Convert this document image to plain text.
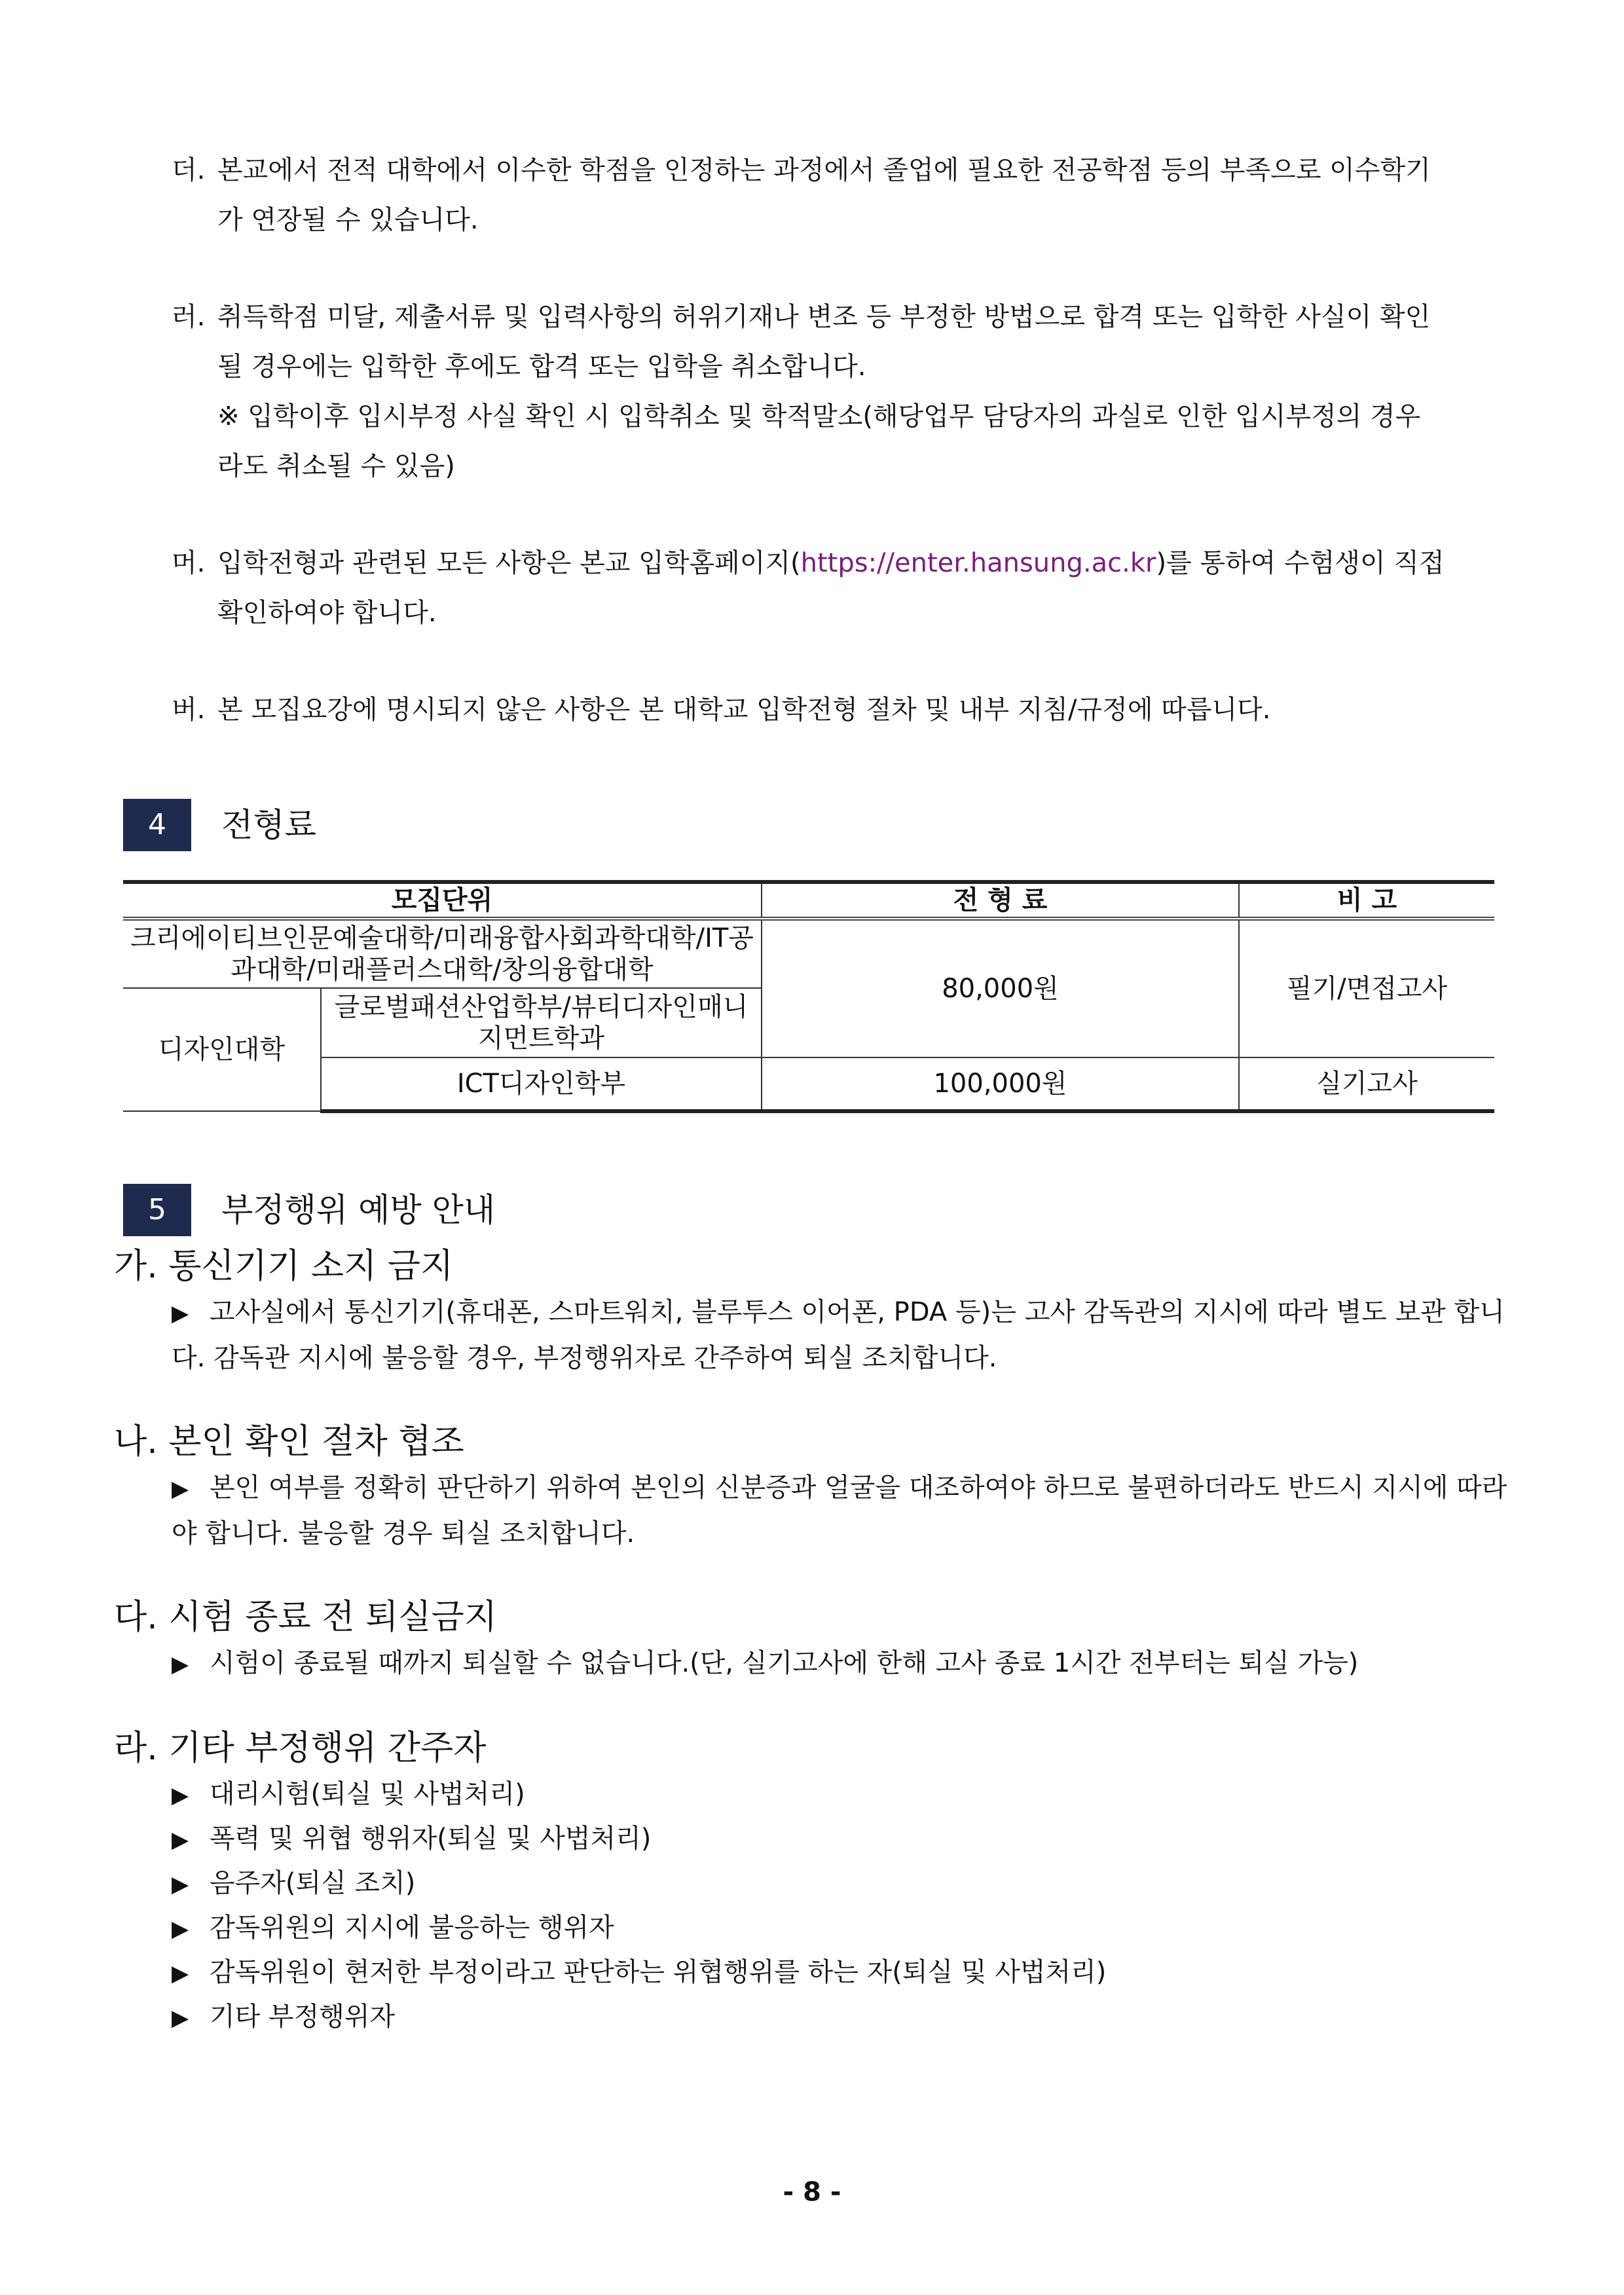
더. 본교에서 전적 대학에서 이수한 학점을 인정하는 과정에서 졸업에 필요한 전공학점 등의 부족으로 이수학기
가 연장될 수 있습니다.
러. 취득학점 미달, 제출서류 및 입력사항의 허위기재나 변조 등 부정한 방법으로 합격 또는 입학한 사실이 확인
될 경우에는 입학한 후에도 합격 또는 입학을 취소합니다.
※ 입학이후 입시부정 사실 확인 시 입학취소 및 학적말소(해당업무 담당자의 과실로 인한 입시부정의 경우
라도 취소될 수 있음)
머. 입학전형과 관련된 모든 사항은 본교 입학홈페이지(https://enter.hansung.ac.kr)를 통하여 수험생이 직접
확인하여야 합니다.
버. 본 모집요강에 명시되지 않은 사항은 본 대학교 입학전형 절차 및 내부 지침/규정에 따릅니다.
4	전형료
모집단위		전 형 료	비 고
크리에이티브인문예술대학/미래융합사회과학대학/IT공과대학/미래플러스대학/창의융합대학		80,000원	필기/면접고사
디자인대학	글로벌패션산업학부/뷰티디자인매니지먼트학과		
	ICT디자인학부	100,000원	실기고사
5	부정행위 예방 안내
가. 통신기기 소지 금지
▶ 고사실에서 통신기기(휴대폰, 스마트워치, 블루투스 이어폰, PDA 등)는 고사 감독관의 지시에 따라 별도 보관 합니다. 감독관 지시에 불응할 경우, 부정행위자로 간주하여 퇴실 조치합니다.
나. 본인 확인 절차 협조
▶ 본인 여부를 정확히 판단하기 위하여 본인의 신분증과 얼굴을 대조하여야 하므로 불편하더라도 반드시 지시에 따라야 합니다. 불응할 경우 퇴실 조치합니다.
다. 시험 종료 전 퇴실금지
▶ 시험이 종료될 때까지 퇴실할 수 없습니다.(단, 실기고사에 한해 고사 종료 1시간 전부터는 퇴실 가능)
라. 기타 부정행위 간주자
▶ 대리시험(퇴실 및 사법처리)
▶ 폭력 및 위협 행위자(퇴실 및 사법처리)
▶ 음주자(퇴실 조치)
▶ 감독위원의 지시에 불응하는 행위자
▶ 감독위원이 현저한 부정이라고 판단하는 위협행위를 하는 자(퇴실 및 사법처리)
▶ 기타 부정행위자
- 8 -
